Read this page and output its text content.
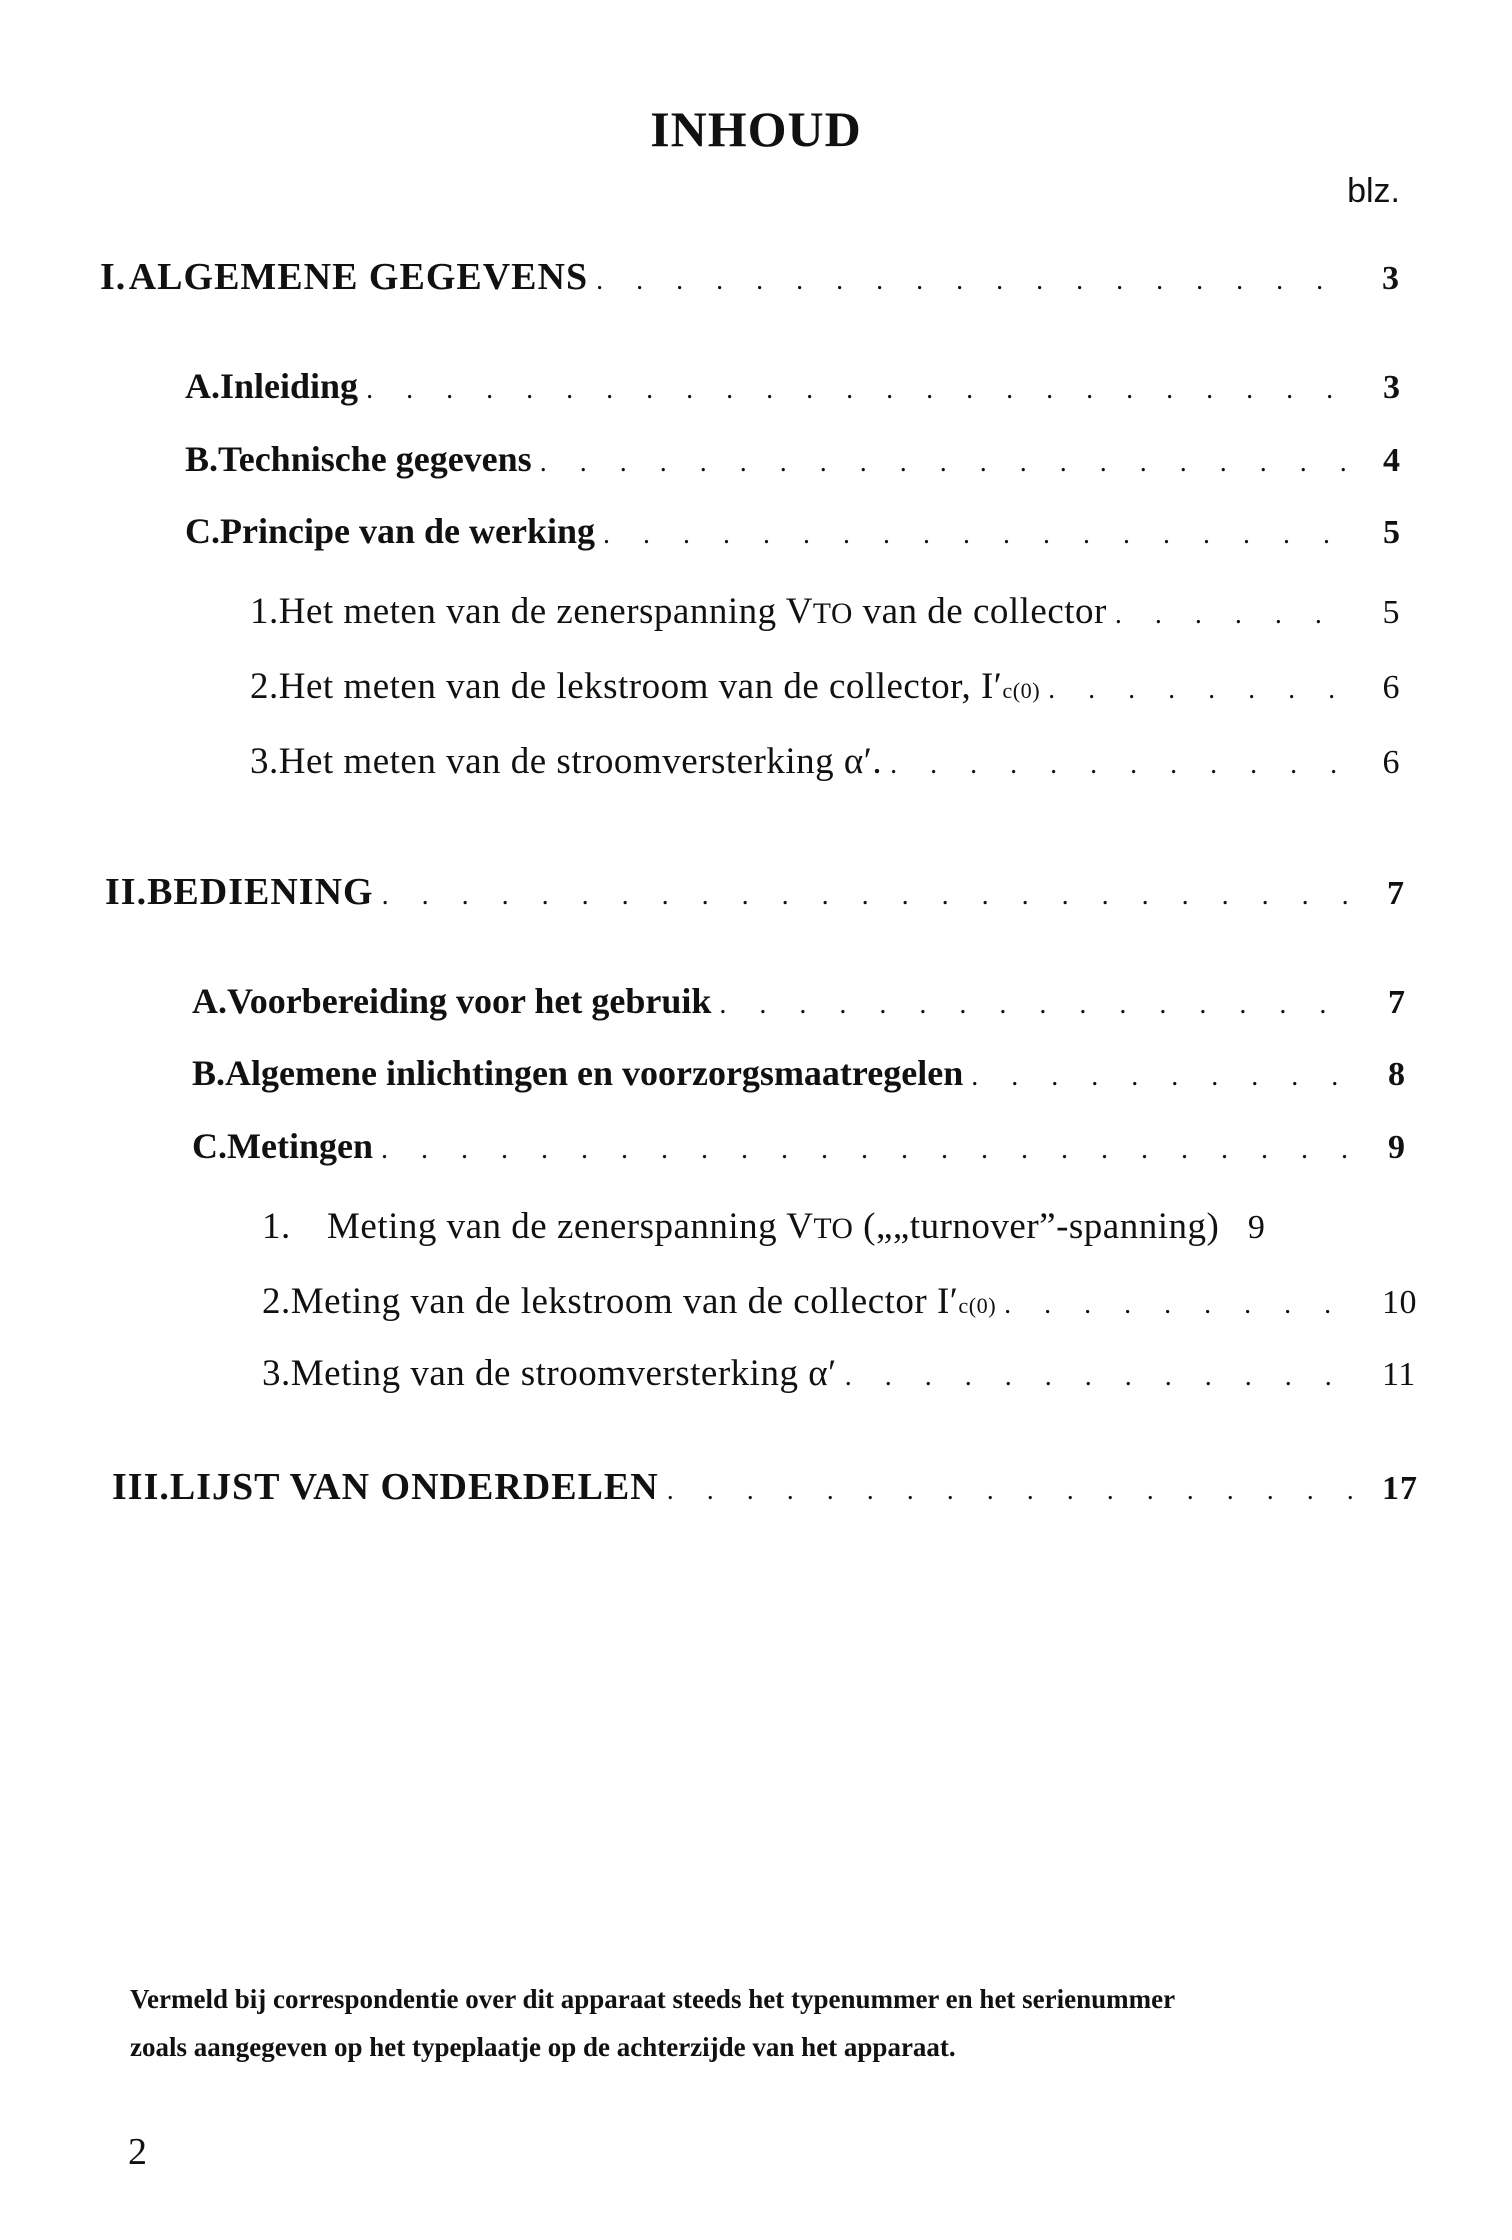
INHOUD
blz.
I. ALGEMENE GEGEVENS . . .	3
A. Inleiding . . .	3
B. Technische gegevens . . .	4
C. Principe van de werking . . .	5
1. Het meten van de zenerspanning VTO van de collector . . .	5
2. Het meten van de lekstroom van de collector, I′c(0) . . .	6
3. Het meten van de stroomversterking α′. . . .	6
II. BEDIENING . . .	7
A. Voorbereiding voor het gebruik . . .	7
B. Algemene inlichtingen en voorzorgsmaatregelen . . .	8
C. Metingen . . .	9
1. Meting van de zenerspanning VTO („„turnover”-spanning) 9
2. Meting van de lekstroom van de collector I′c(0) . . .	10
3. Meting van de stroomversterking α′ . . .	11
III. LIJST VAN ONDERDELEN . . .	17

Vermeld bij correspondentie over dit apparaat steeds het typenummer en het serienummer

zoals aangegeven op het typeplaatje op de achterzijde van het apparaat.

2
